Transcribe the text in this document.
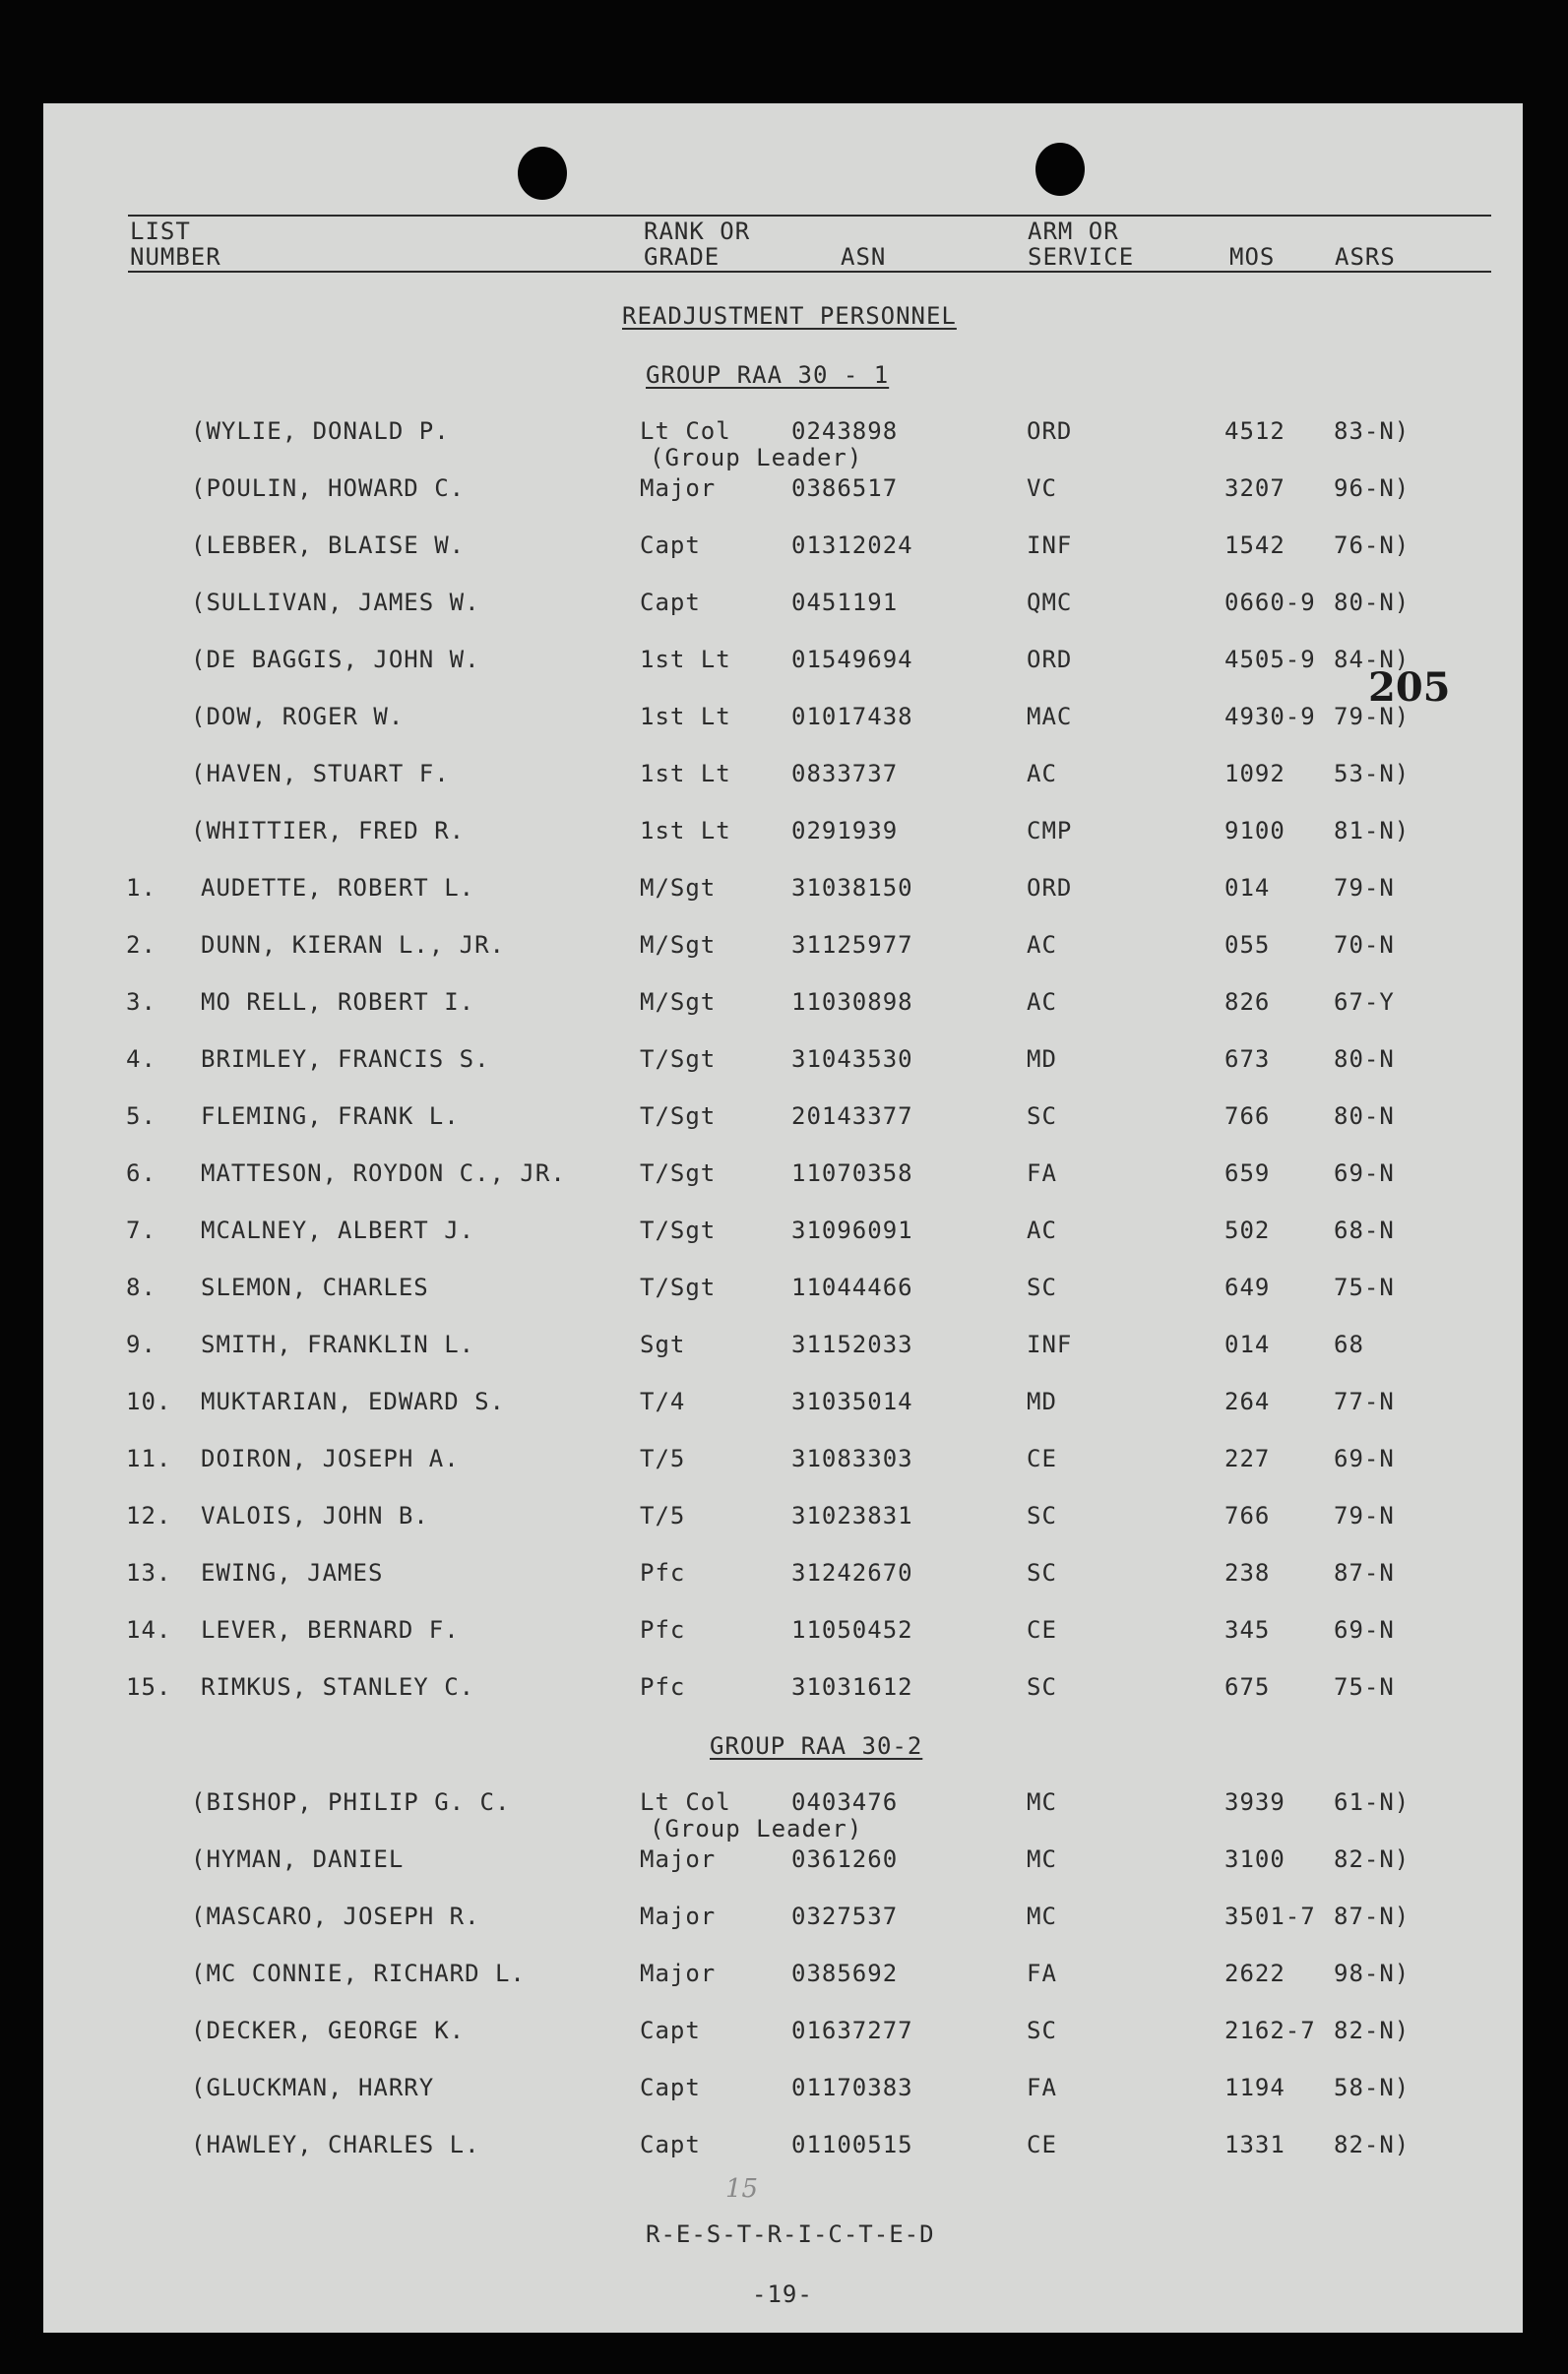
LIST
NUMBER
RANK OR
GRADE	ASN
ARM OR
SERVICE	MOS	ASRS
READJUSTMENT PERSONNEL
GROUP RAA 30 - 1
(WYLIE, DONALD P.	Lt Col	0243898	ORD	4512 83-N)
(Group Leader)
(POULIN, HOWARD C.	Major	0386517	VC	3207 96-N)
(LEBBER, BLAISE W.	Capt	01312024	INF	1542 76-N)
(SULLIVAN, JAMES W.	Capt	0451191	QMC	0660-9 80-N)
(DE BAGGIS, JOHN W.	1st Lt	01549694	ORD	4505-9 84-N)
(DOW, ROGER W.	1st Lt	01017438	MAC	4930-9 79-N)
(HAVEN, STUART F.	1st Lt	0833737	AC	1092 53-N)
(WHITTIER, FRED R.	1st Lt	0291939	CMP	9100 81-N)
1. AUDETTE, ROBERT L.	M/Sgt	31038150	ORD	014	79-N
2. DUNN, KIERAN L., JR.	M/Sgt	31125977	AC	055	70-N
3. MO RELL, ROBERT I.	M/Sgt	11030898	AC	826	67-Y
4. BRIMLEY, FRANCIS S.	T/Sgt	31043530	MD	673	80-N
5. FLEMING, FRANK L.	T/Sgt	20143377	SC	766	80-N
6. MATTESON, ROYDON C., JR.	T/Sgt	11070358	FA	659	69-N
7. MCALNEY, ALBERT J.	T/Sgt	31096091	AC	502	68-N
8. SLEMON, CHARLES	T/Sgt	11044466	SC	649	75-N
9. SMITH, FRANKLIN L.	Sgt	31152033	INF	014	68
10. MUKTARIAN, EDWARD S.	T/4	31035014	MD	264	77-N
11. DOIRON, JOSEPH A.	T/5	31083303	CE	227	69-N
12. VALOIS, JOHN B.	T/5	31023831	SC	766	79-N
13. EWING, JAMES	Pfc	31242670	SC	238	87-N
14. LEVER, BERNARD F.	Pfc	11050452	CE	345	69-N
15. RIMKUS, STANLEY C.	Pfc	31031612	SC	675	75-N
GROUP RAA 30-2
(BISHOP, PHILIP G. C.	Lt Col	0403476	MC	3939 61-N)
(Group Leader)
(HYMAN, DANIEL	Major	0361260	MC	3100 82-N)
(MASCARO, JOSEPH R.	Major	0327537	MC	3501-7 87-N)
(MC CONNIE, RICHARD L.	Major	0385692	FA	2622 98-N)
(DECKER, GEORGE K.	Capt	01637277	SC	2162-7 82-N)
(GLUCKMAN, HARRY	Capt	01170383	FA	1194 58-N)
(HAWLEY, CHARLES L.	Capt	01100515	CE	1331 82-N)
205
15
R-E-S-T-R-I-C-T-E-D
-19-
